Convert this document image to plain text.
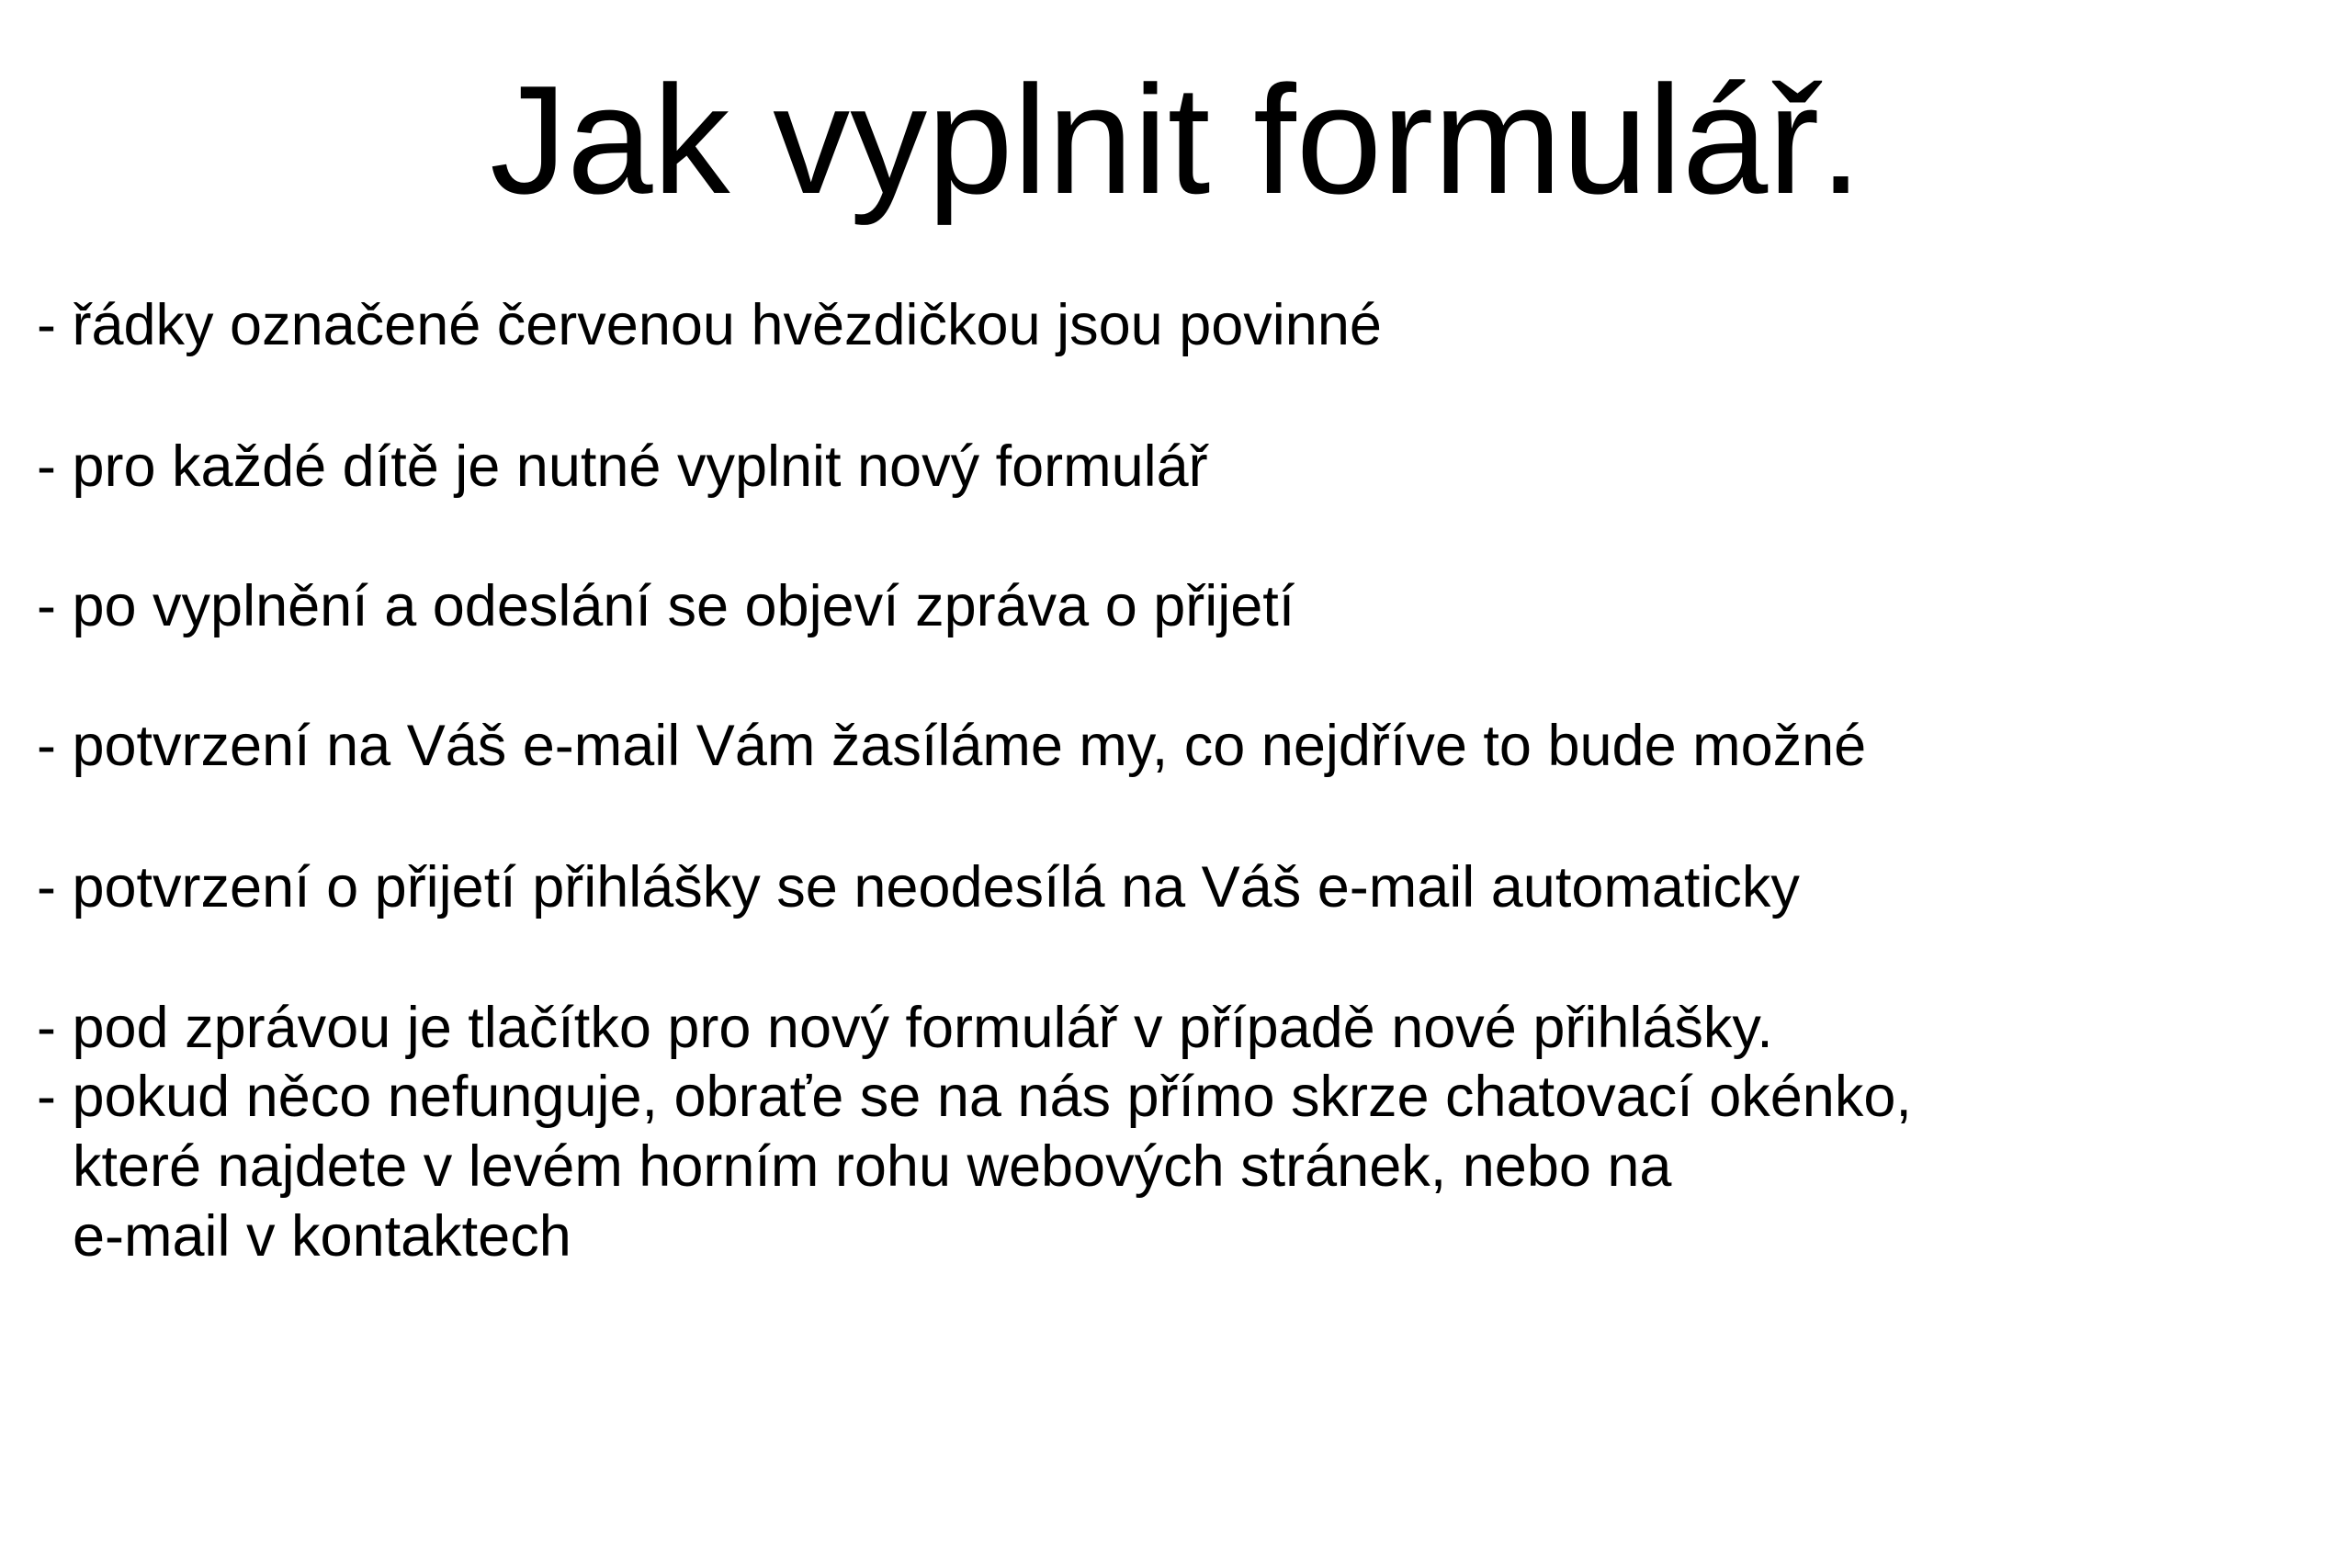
Jak vyplnit formulář.
- řádky označené červenou hvězdičkou jsou povinné
- pro každé dítě je nutné vyplnit nový formulář
- po vyplnění a odeslání se objeví zpráva o přijetí
- potvrzení na Váš e-mail Vám žasíláme my, co nejdříve to bude možné
- potvrzení o přijetí přihlášky se neodesílá na Váš e-mail automaticky
- pod zprávou je tlačítko pro nový formulář v případě nové přihlášky.
- pokud něco nefunguje, obraťe se na nás přímo skrze chatovací okénko,
které najdete v levém horním rohu webových stránek, nebo na
e-mail v kontaktech
